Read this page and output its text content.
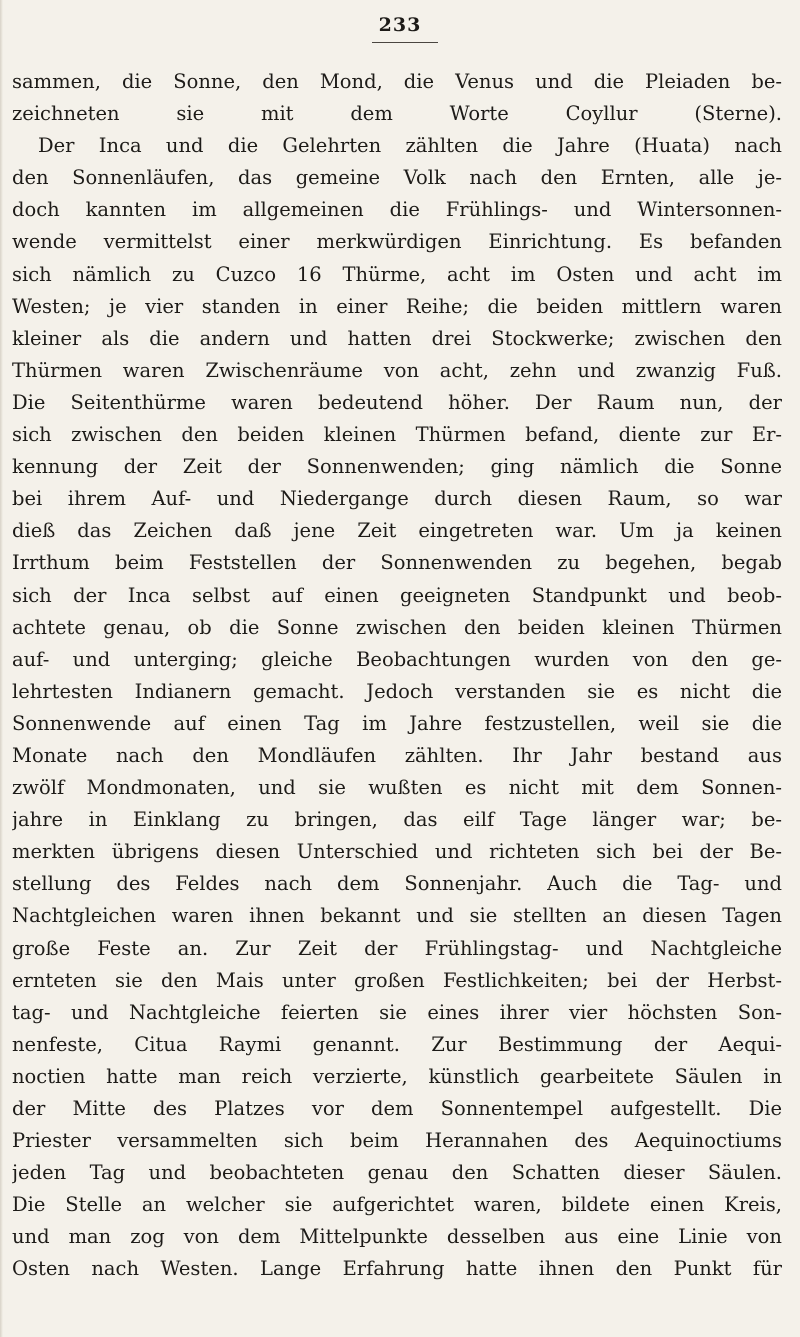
233
sammen, die Sonne, den Mond, die Venus und die Pleiaden be-
zeichneten sie mit dem Worte Coyllur (Sterne).
Der Inca und die Gelehrten zählten die Jahre (Huata) nach
den Sonnenläufen, das gemeine Volk nach den Ernten, alle je-
doch kannten im allgemeinen die Frühlings- und Wintersonnen-
wende vermittelst einer merkwürdigen Einrichtung. Es befanden
sich nämlich zu Cuzco 16 Thürme, acht im Osten und acht im
Westen; je vier standen in einer Reihe; die beiden mittlern waren
kleiner als die andern und hatten drei Stockwerke; zwischen den
Thürmen waren Zwischenräume von acht, zehn und zwanzig Fuß.
Die Seitenthürme waren bedeutend höher. Der Raum nun, der
sich zwischen den beiden kleinen Thürmen befand, diente zur Er-
kennung der Zeit der Sonnenwenden; ging nämlich die Sonne
bei ihrem Auf- und Niedergange durch diesen Raum, so war
dieß das Zeichen daß jene Zeit eingetreten war. Um ja keinen
Irrthum beim Feststellen der Sonnenwenden zu begehen, begab
sich der Inca selbst auf einen geeigneten Standpunkt und beob-
achtete genau, ob die Sonne zwischen den beiden kleinen Thürmen
auf- und unterging; gleiche Beobachtungen wurden von den ge-
lehrtesten Indianern gemacht. Jedoch verstanden sie es nicht die
Sonnenwende auf einen Tag im Jahre festzustellen, weil sie die
Monate nach den Mondläufen zählten. Ihr Jahr bestand aus
zwölf Mondmonaten, und sie wußten es nicht mit dem Sonnen-
jahre in Einklang zu bringen, das eilf Tage länger war; be-
merkten übrigens diesen Unterschied und richteten sich bei der Be-
stellung des Feldes nach dem Sonnenjahr. Auch die Tag- und
Nachtgleichen waren ihnen bekannt und sie stellten an diesen Tagen
große Feste an. Zur Zeit der Frühlingstag- und Nachtgleiche
ernteten sie den Mais unter großen Festlichkeiten; bei der Herbst-
tag- und Nachtgleiche feierten sie eines ihrer vier höchsten Son-
nenfeste, Citua Raymi genannt. Zur Bestimmung der Aequi-
noctien hatte man reich verzierte, künstlich gearbeitete Säulen in
der Mitte des Platzes vor dem Sonnentempel aufgestellt. Die
Priester versammelten sich beim Herannahen des Aequinoctiums
jeden Tag und beobachteten genau den Schatten dieser Säulen.
Die Stelle an welcher sie aufgerichtet waren, bildete einen Kreis,
und man zog von dem Mittelpunkte desselben aus eine Linie von
Osten nach Westen. Lange Erfahrung hatte ihnen den Punkt für
